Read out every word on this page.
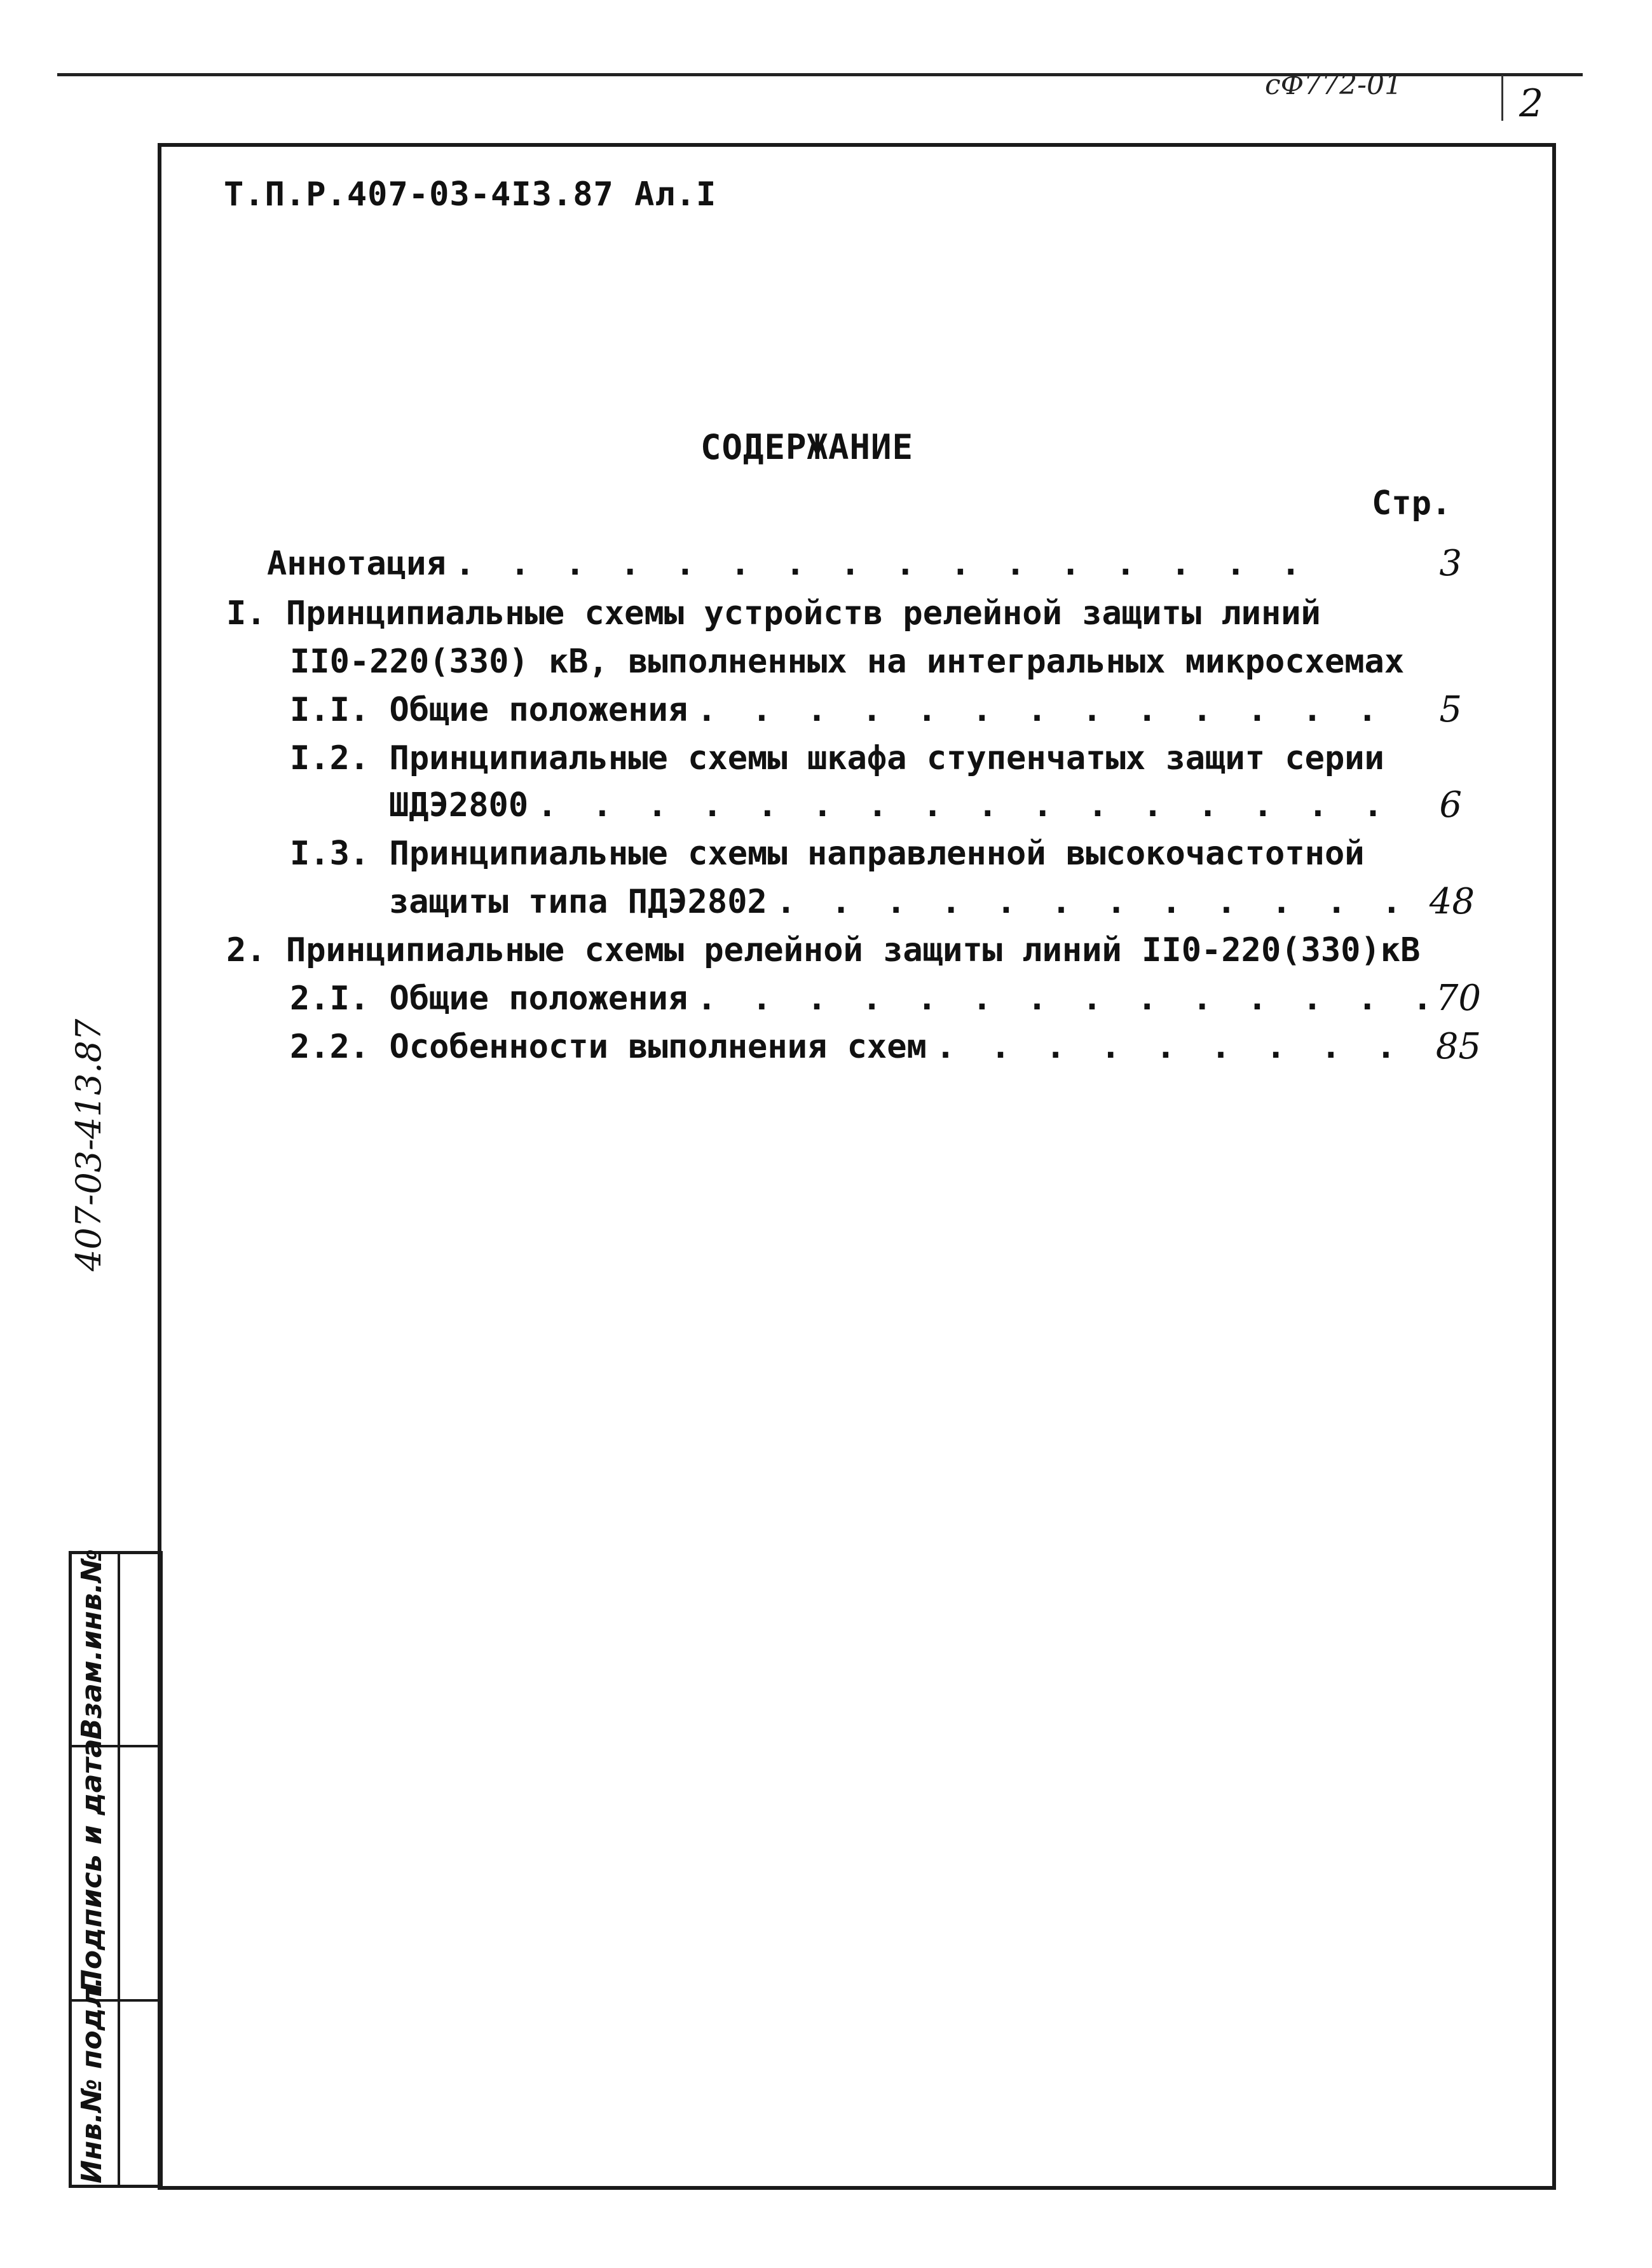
сФ772-01	2
Т.П.Р.407-03-4I3.87 Ал.I
СОДЕРЖАНИЕ
Стр.
Аннотация . . .	3
I. Принципиальные схемы устройств релейной защиты линий
II0-220(330) кВ, выполненных на интегральных микросхемах
I.I. Общие положения . . .	5
I.2. Принципиальные схемы шкафа ступенчатых защит серии
ШДЭ2800 . . .	6
I.3. Принципиальные схемы направленной высокочастотной
защиты типа ПДЭ2802 . . .	48
2. Принципиальные схемы релейной защиты линий II0-220(330)кВ
2.I. Общие положения . . .	70
2.2. Особенности выполнения схем . . .	85
407-03-413.87
Инв.№ подл.
Подпись и дата
Взам.инв.№
